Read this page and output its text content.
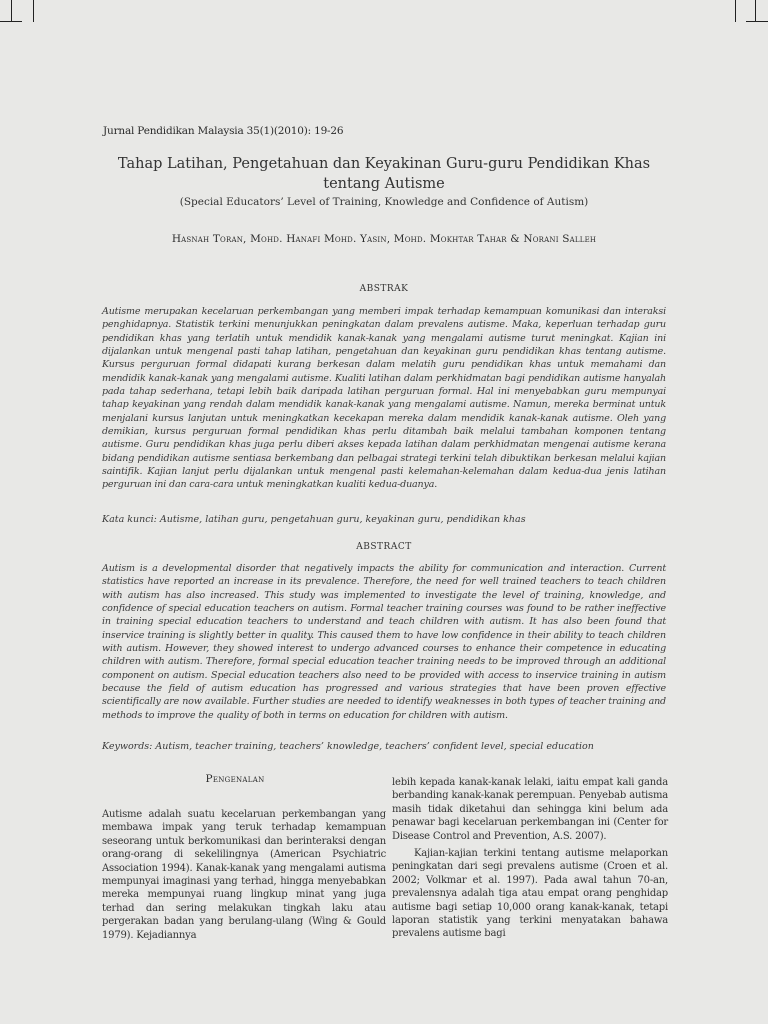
Jurnal Pendidikan Malaysia 35(1)(2010): 19-26
Tahap Latihan, Pengetahuan dan Keyakinan Guru-guru Pendidikan Khas
tentang Autisme
(Special Educators’ Level of Training, Knowledge and Confidence of Autism)
Hasnah Toran, Mohd. Hanafi Mohd. Yasin, Mohd. Mokhtar Tahar & Norani Salleh
ABSTRAK
Autisme merupakan kecelaruan perkembangan yang memberi impak terhadap kemampuan komunikasi dan interaksi penghidapnya. Statistik terkini menunjukkan peningkatan dalam prevalens autisme. Maka, keperluan terhadap guru pendidikan khas yang terlatih untuk mendidik kanak-kanak yang mengalami autisme turut meningkat. Kajian ini dijalankan untuk mengenal pasti tahap latihan, pengetahuan dan keyakinan guru pendidikan khas tentang autisme. Kursus perguruan formal didapati kurang berkesan dalam melatih guru pendidikan khas untuk memahami dan mendidik kanak-kanak yang mengalami autisme. Kualiti latihan dalam perkhidmatan bagi pendidikan autisme hanyalah pada tahap sederhana, tetapi lebih baik daripada latihan perguruan formal. Hal ini menyebabkan guru mempunyai tahap keyakinan yang rendah dalam mendidik kanak-kanak yang mengalami autisme. Namun, mereka berminat untuk menjalani kursus lanjutan untuk meningkatkan kecekapan mereka dalam mendidik kanak-kanak autisme. Oleh yang demikian, kursus perguruan formal pendidikan khas perlu ditambah baik melalui tambahan komponen tentang autisme. Guru pendidikan khas juga perlu diberi akses kepada latihan dalam perkhidmatan mengenai autisme kerana bidang pendidikan autisme sentiasa berkembang dan pelbagai strategi terkini telah dibuktikan berkesan melalui kajian saintifik. Kajian lanjut perlu dijalankan untuk mengenal pasti kelemahan-kelemahan dalam kedua-dua jenis latihan perguruan ini dan cara-cara untuk meningkatkan kualiti kedua-duanya.
Kata kunci: Autisme, latihan guru, pengetahuan guru, keyakinan guru, pendidikan khas
ABSTRACT
Autism is a developmental disorder that negatively impacts the ability for communication and interaction. Current statistics have reported an increase in its prevalence. Therefore, the need for well trained teachers to teach children with autism has also increased. This study was implemented to investigate the level of training, knowledge, and confidence of special education teachers on autism. Formal teacher training courses was found to be rather ineffective in training special education teachers to understand and teach children with autism. It has also been found that inservice training is slightly better in quality. This caused them to have low confidence in their ability to teach children with autism. However, they showed interest to undergo advanced courses to enhance their competence in educating children with autism. Therefore, formal special education teacher training needs to be improved through an additional component on autism. Special education teachers also need to be provided with access to inservice training in autism because the field of autism education has progressed and various strategies that have been proven effective scientifically are now available. Further studies are needed to identify weaknesses in both types of teacher training and methods to improve the quality of both in terms on education for children with autism.
Keywords: Autism, teacher training, teachers’ knowledge, teachers’ confident level, special education
Pengenalan

Autisme adalah suatu kecelaruan perkembangan yang membawa impak yang teruk terhadap kemampuan seseorang untuk berkomunikasi dan berinteraksi dengan orang-orang di sekelilingnya (American Psychiatric Association 1994). Kanak-kanak yang mengalami autisma mempunyai imaginasi yang terhad, hingga menyebabkan mereka mempunyai ruang lingkup minat yang juga terhad dan sering melakukan tingkah laku atau pergerakan badan yang berulang-ulang (Wing & Gould 1979). Kejadiannya

lebih kepada kanak-kanak lelaki, iaitu empat kali ganda berbanding kanak-kanak perempuan. Penyebab autisma masih tidak diketahui dan sehingga kini belum ada penawar bagi kecelaruan perkembangan ini (Center for Disease Control and Prevention, A.S. 2007).

Kajian-kajian terkini tentang autisme melaporkan peningkatan dari segi prevalens autisme (Croen et al. 2002; Volkmar et al. 1997). Pada awal tahun 70-an, prevalensnya adalah tiga atau empat orang penghidap autisme bagi setiap 10,000 orang kanak-kanak, tetapi laporan statistik yang terkini menyatakan bahawa prevalens autisme bagi
